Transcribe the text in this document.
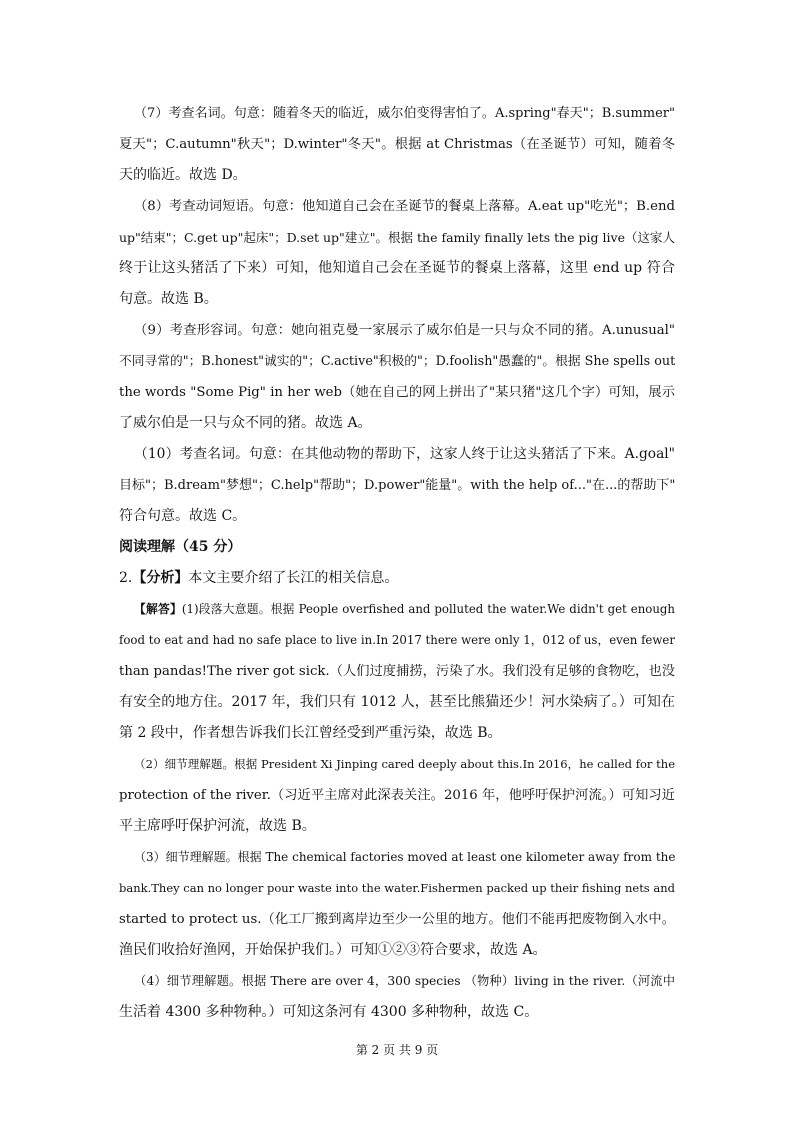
（7）考查名词。句意：随着冬天的临近，威尔伯变得害怕了。A.spring"春天"；B.summer"

夏天"；C.autumn"秋天"；D.winter"冬天"。根据 at Christmas（在圣诞节）可知，随着冬

天的临近。故选 D。

（8）考查动词短语。句意：他知道自己会在圣诞节的餐桌上落幕。A.eat up"吃光"；B.end

up"结束"；C.get up"起床"；D.set up"建立"。根据 the family finally lets the pig live（这家人

终于让这头猪活了下来）可知，他知道自己会在圣诞节的餐桌上落幕，这里 end up 符合

句意。故选 B。

（9）考查形容词。句意：她向祖克曼一家展示了威尔伯是一只与众不同的猪。A.unusual"

不同寻常的"；B.honest"诚实的"；C.active"积极的"；D.foolish"愚蠢的"。根据 She spells out

the words "Some Pig" in her web（她在自己的网上拼出了"某只猪"这几个字）可知，展示

了威尔伯是一只与众不同的猪。故选 A。

（10）考查名词。句意：在其他动物的帮助下，这家人终于让这头猪活了下来。A.goal"

目标"；B.dream"梦想"；C.help"帮助"；D.power"能量"。with the help of..."在...的帮助下"

符合句意。故选 C。

阅读理解（45 分）

2.【分析】本文主要介绍了长江的相关信息。

【解答】(1)段落大意题。根据 People overfished and polluted the water.We didn't get enough

food to eat and had no safe place to live in.In 2017 there were only 1，012 of us，even fewer

than pandas!The river got sick.（人们过度捕捞，污染了水。我们没有足够的食物吃，也没

有安全的地方住。2017 年，我们只有 1012 人，甚至比熊猫还少！河水染病了。）可知在

第 2 段中，作者想告诉我们长江曾经受到严重污染，故选 B。

（2）细节理解题。根据 President Xi Jinping cared deeply about this.In 2016，he called for the

protection of the river.（习近平主席对此深表关注。2016 年，他呼吁保护河流。）可知习近

平主席呼吁保护河流，故选 B。

（3）细节理解题。根据 The chemical factories moved at least one kilometer away from the

bank.They can no longer pour waste into the water.Fishermen packed up their fishing nets and

started to protect us.（化工厂搬到离岸边至少一公里的地方。他们不能再把废物倒入水中。

渔民们收拾好渔网，开始保护我们。）可知①②③符合要求，故选 A。

（4）细节理解题。根据 There are over 4，300 species （物种）living in the river.（河流中

生活着 4300 多种物种。）可知这条河有 4300 多种物种，故选 C。

第 2 页 共 9 页
